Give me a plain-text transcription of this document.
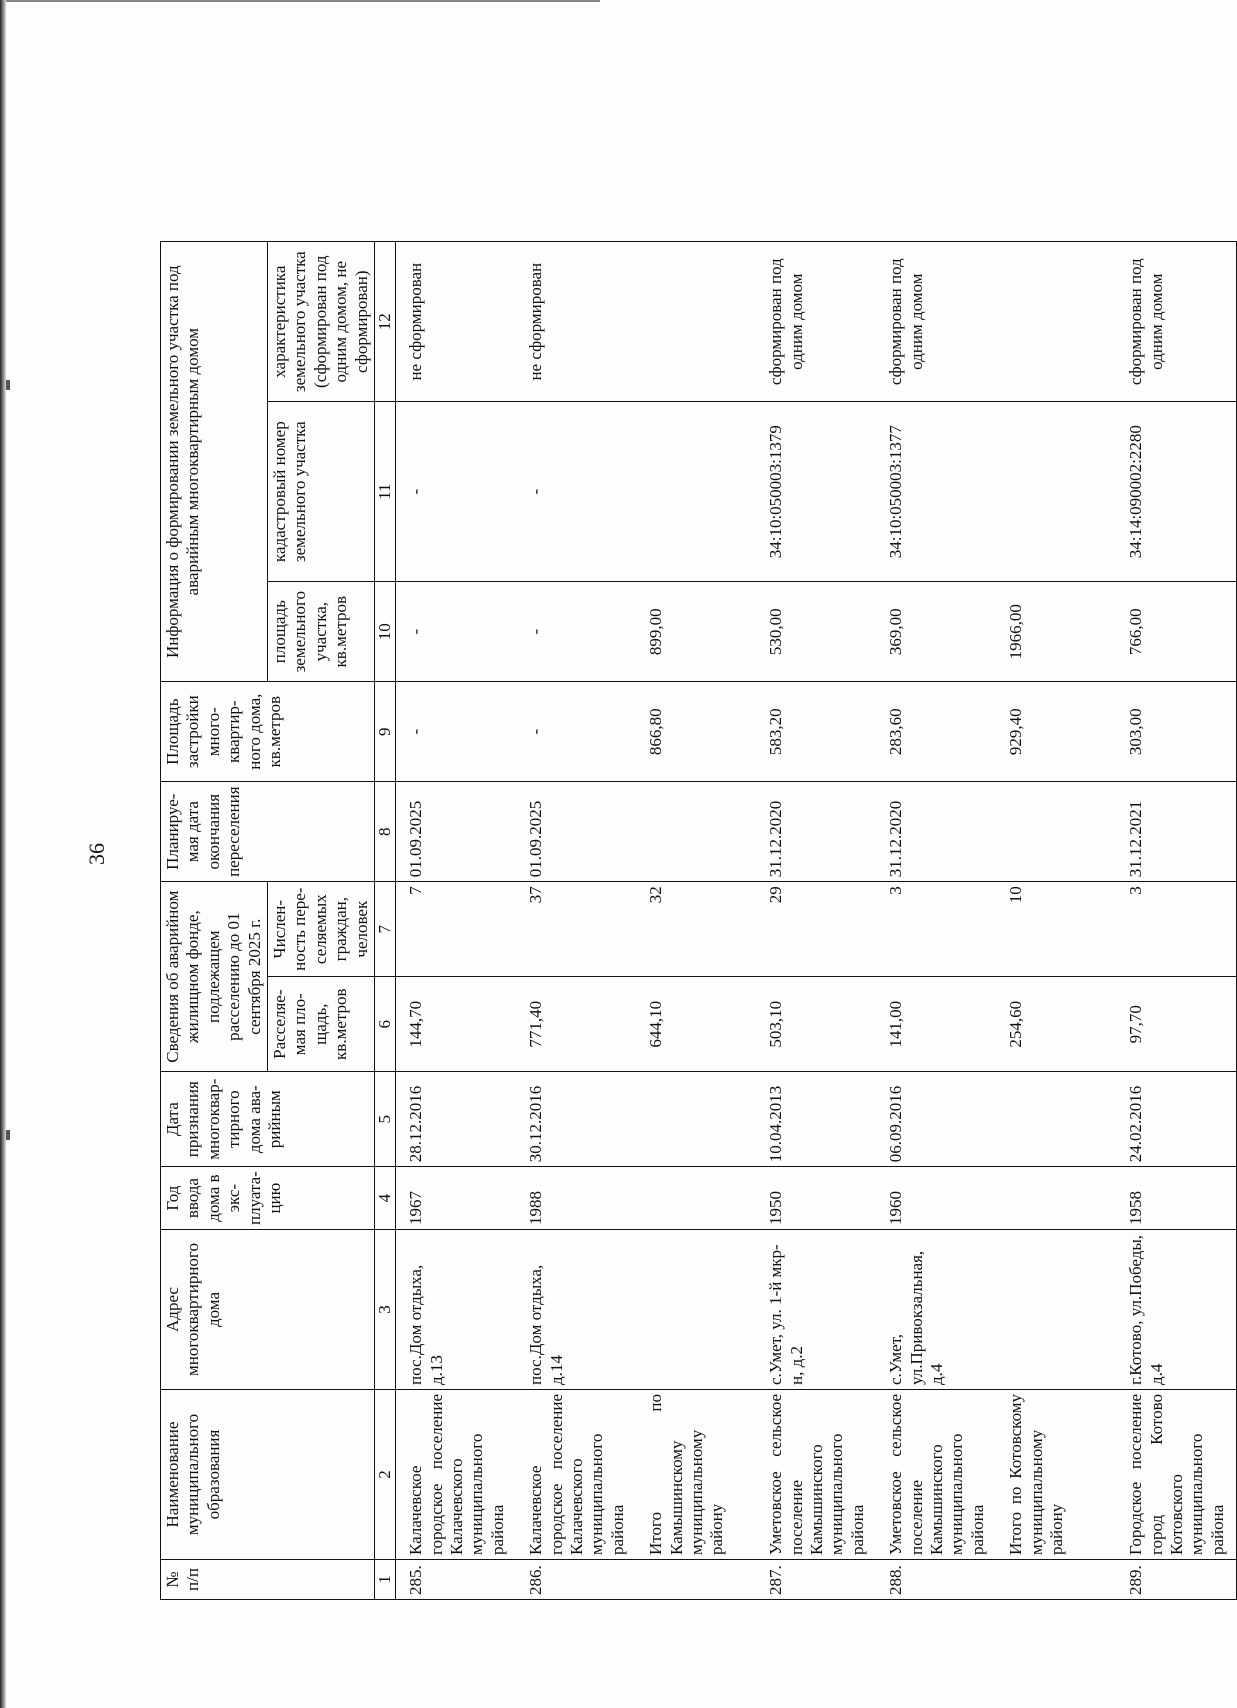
36
№ п/п	Наименование муниципального образования	Адрес многоквартирного дома	Год ввода дома в экс- плуата- цию	Дата признания многоквар- тирного дома ава- рийным	Сведения об аварийном жилищном фонде, подлежащем расселению до 01 сентября 2025 г.		Планируе- мая дата окончания переселения	Площадь застройки много- квартир- ного дома, кв.метров	Информация о формировании земельного участка под аварийным многоквартирным домом		
					Расселяе- мая пло- щадь, кв.метров	Числен- ность пере- селяемых граждан, человек			площадь земельного участка, кв.метров	кадастровый номер земельного участка	характеристика земельного участка (сформирован под одним домом, не сформирован)
1	2	3	4	5	6	7	8	9	10	11	12
285.	Калачевское городское поселение Калачевского муниципального района	пос.Дом отдыха, д.13	1967	28.12.2016	144,70	7	01.09.2025	-	-	-	не сформирован
286.	Калачевское городское поселение Калачевского муниципального района	пос.Дом отдыха, д.14	1988	30.12.2016	771,40	37	01.09.2025	-	-	-	не сформирован
	Итого по Камышинскому муниципальному району				644,10	32		866,80	899,00		
287.	Уметовское сельское поселение Камышинского муниципального района	с.Умет, ул. 1-й мкр-н, д.2	1950	10.04.2013	503,10	29	31.12.2020	583,20	530,00	34:10:050003:1379	сформирован под одним домом
288.	Уметовское сельское поселение Камышинского муниципального района	с.Умет, ул.Привокзальная, д.4	1960	06.09.2016	141,00	3	31.12.2020	283,60	369,00	34:10:050003:1377	сформирован под одним домом
	Итого по Котовскому муниципальному району				254,60	10		929,40	1966,00		
289.	Городское поселение город Котово Котовского муниципального района	г.Котово, ул.Победы, д.4	1958	24.02.2016	97,70	3	31.12.2021	303,00	766,00	34:14:090002:2280	сформирован под одним домом
